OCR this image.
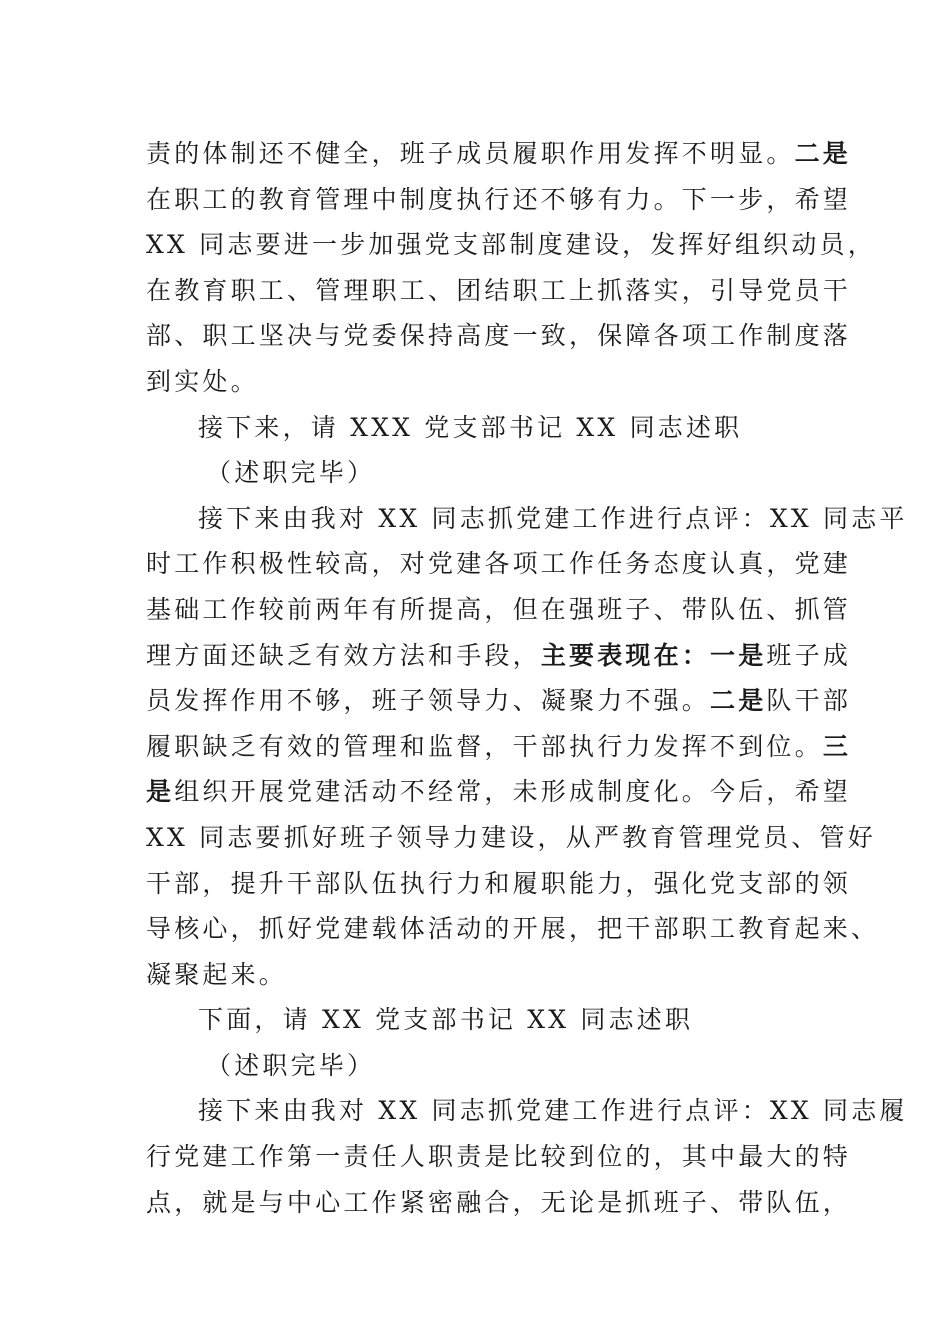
责的体制还不健全，班子成员履职作用发挥不明显。二是
在职工的教育管理中制度执行还不够有力。下一步，希望
XX 同志要进一步加强党支部制度建设，发挥好组织动员，
在教育职工、管理职工、团结职工上抓落实，引导党员干
部、职工坚决与党委保持高度一致，保障各项工作制度落
到实处。
接下来，请 XXX 党支部书记 XX 同志述职
（述职完毕）
接下来由我对 XX 同志抓党建工作进行点评：XX 同志平
时工作积极性较高，对党建各项工作任务态度认真，党建
基础工作较前两年有所提高，但在强班子、带队伍、抓管
理方面还缺乏有效方法和手段，主要表现在：一是班子成
员发挥作用不够，班子领导力、凝聚力不强。二是队干部
履职缺乏有效的管理和监督，干部执行力发挥不到位。三
是组织开展党建活动不经常，未形成制度化。今后，希望
XX 同志要抓好班子领导力建设，从严教育管理党员、管好
干部，提升干部队伍执行力和履职能力，强化党支部的领
导核心，抓好党建载体活动的开展，把干部职工教育起来、
凝聚起来。
下面，请 XX 党支部书记 XX 同志述职
（述职完毕）
接下来由我对 XX 同志抓党建工作进行点评：XX 同志履
行党建工作第一责任人职责是比较到位的，其中最大的特
点，就是与中心工作紧密融合，无论是抓班子、带队伍，
